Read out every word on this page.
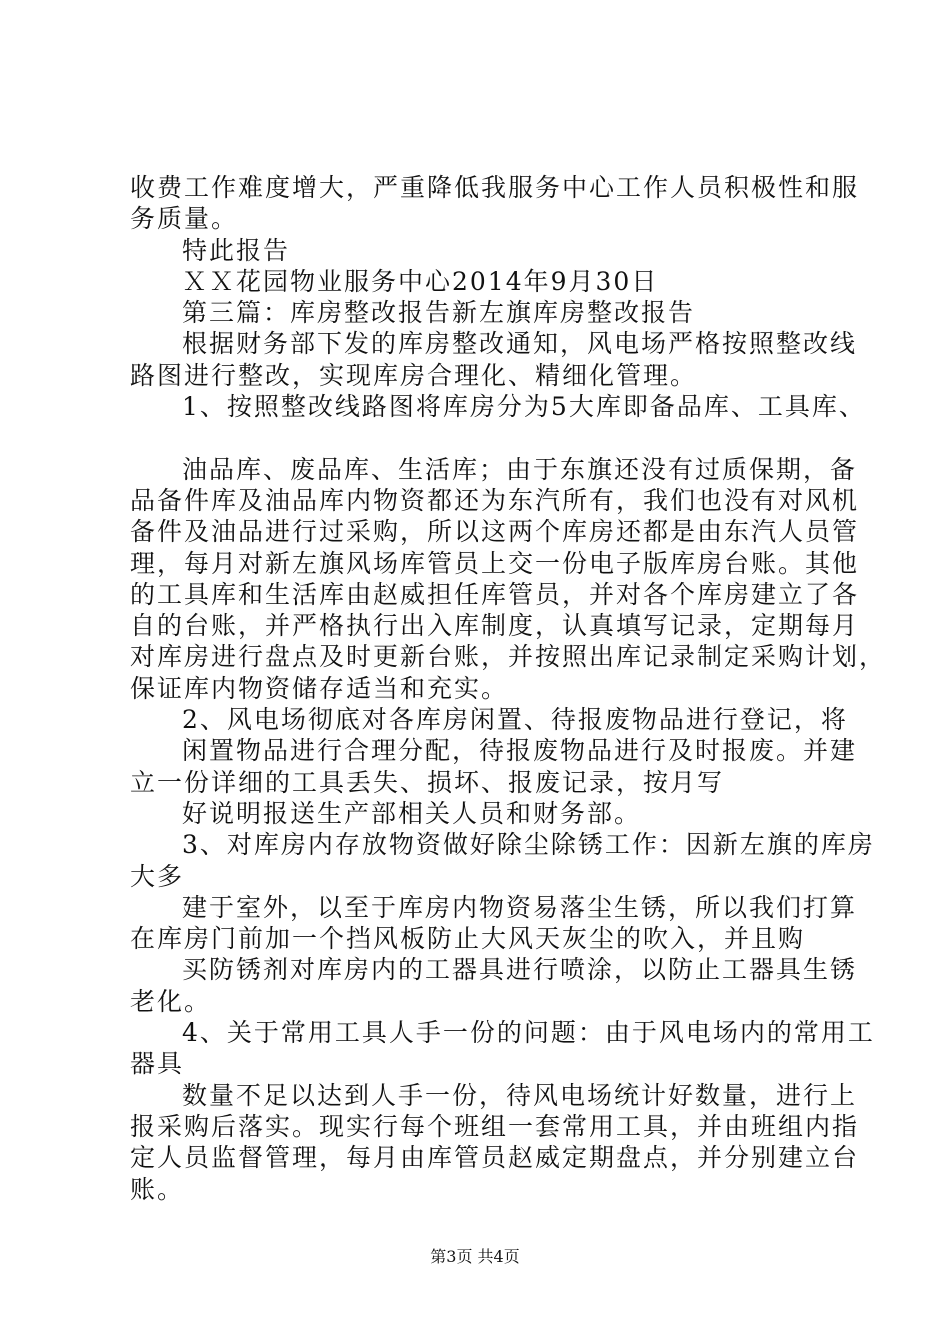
收费工作难度增大，严重降低我服务中心工作人员积极性和服
务质量。
特此报告
ＸＸ花园物业服务中心2014年9月30日
第三篇：库房整改报告新左旗库房整改报告
根据财务部下发的库房整改通知，风电场严格按照整改线
路图进行整改，实现库房合理化、精细化管理。
1、按照整改线路图将库房分为5大库即备品库、工具库、
油品库、废品库、生活库；由于东旗还没有过质保期，备
品备件库及油品库内物资都还为东汽所有，我们也没有对风机
备件及油品进行过采购，所以这两个库房还都是由东汽人员管
理，每月对新左旗风场库管员上交一份电子版库房台账。其他
的工具库和生活库由赵威担任库管员，并对各个库房建立了各
自的台账，并严格执行出入库制度，认真填写记录，定期每月
对库房进行盘点及时更新台账，并按照出库记录制定采购计划，
保证库内物资储存适当和充实。
2、风电场彻底对各库房闲置、待报废物品进行登记，将
闲置物品进行合理分配，待报废物品进行及时报废。并建
立一份详细的工具丢失、损坏、报废记录，按月写
好说明报送生产部相关人员和财务部。
3、对库房内存放物资做好除尘除锈工作：因新左旗的库房
大多
建于室外，以至于库房内物资易落尘生锈，所以我们打算
在库房门前加一个挡风板防止大风天灰尘的吹入，并且购
买防锈剂对库房内的工器具进行喷涂，以防止工器具生锈
老化。
4、关于常用工具人手一份的问题：由于风电场内的常用工
器具
数量不足以达到人手一份，待风电场统计好数量，进行上
报采购后落实。现实行每个班组一套常用工具，并由班组内指
定人员监督管理，每月由库管员赵威定期盘点，并分别建立台
账。
第3页 共4页
